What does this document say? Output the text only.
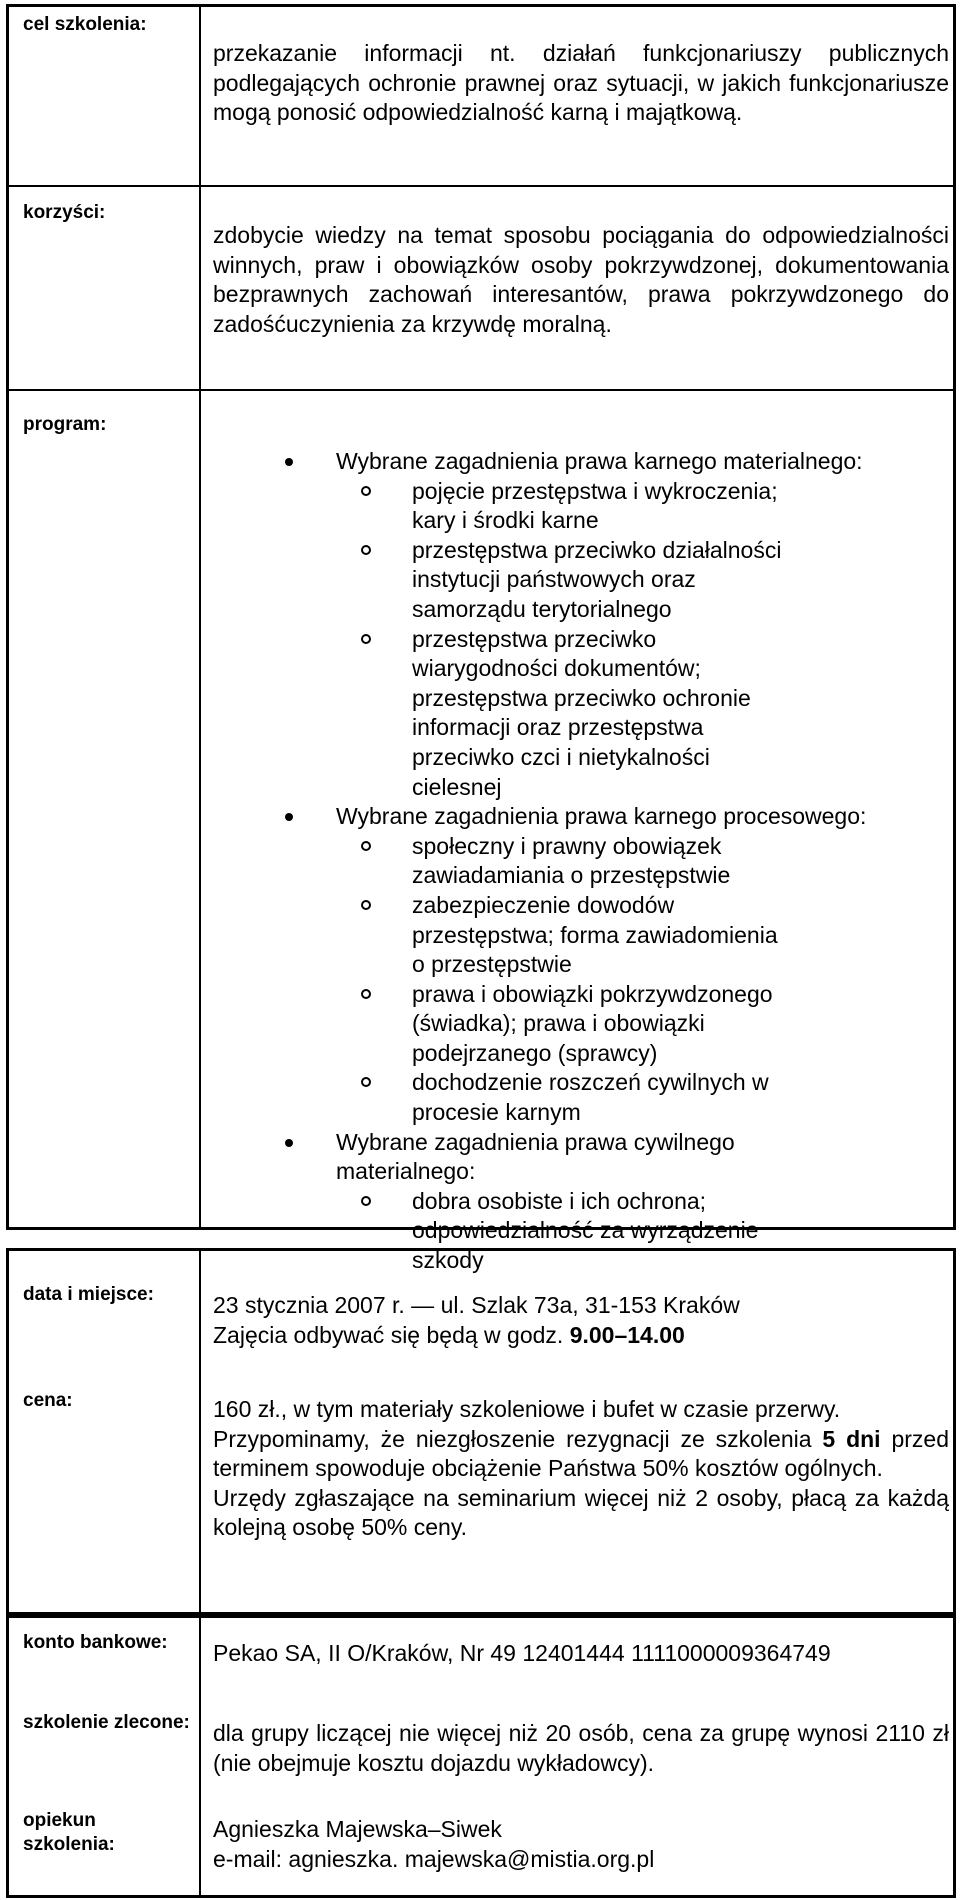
cel szkolenia:
przekazanie informacji nt. działań funkcjonariuszy publicznych podlegających ochronie prawnej oraz sytuacji, w jakich funkcjonariusze mogą ponosić odpowiedzialność karną i majątkową.
korzyści:
zdobycie wiedzy na temat sposobu pociągania do odpowiedzialności winnych, praw i obowiązków osoby pokrzywdzonej, dokumentowania bezprawnych zachowań interesantów, prawa pokrzywdzonego do zadośćuczynienia za krzywdę moralną.
program:
Wybrane zagadnienia prawa karnego materialnego:
pojęcie przestępstwa i wykroczenia; kary i środki karne
przestępstwa przeciwko działalności instytucji państwowych oraz samorządu terytorialnego
przestępstwa przeciwko wiarygodności dokumentów; przestępstwa przeciwko ochronie informacji oraz przestępstwa przeciwko czci i nietykalności cielesnej
Wybrane zagadnienia prawa karnego procesowego:
społeczny i prawny obowiązek zawiadamiania o przestępstwie
zabezpieczenie dowodów przestępstwa; forma zawiadomienia o przestępstwie
prawa i obowiązki pokrzywdzonego (świadka); prawa i obowiązki podejrzanego (sprawcy)
dochodzenie roszczeń cywilnych w procesie karnym
Wybrane zagadnienia prawa cywilnego materialnego:
dobra osobiste i ich ochrona; odpowiedzialność za wyrządzenie szkody
data i miejsce:	23 stycznia 2007 r. — ul. Szlak 73a, 31-153 Kraków
Zajęcia odbywać się będą w godz. 9.00–14.00
cena:	160 zł., w tym materiały szkoleniowe i bufet w czasie przerwy.
Przypominamy, że niezgłoszenie rezygnacji ze szkolenia 5 dni przed terminem spowoduje obciążenie Państwa 50% kosztów ogólnych.
Urzędy zgłaszające na seminarium więcej niż 2 osoby, płacą za każdą kolejną osobę 50% ceny.
konto bankowe:	Pekao SA, II O/Kraków, Nr 49 12401444 1111000009364749
szkolenie zlecone: dla grupy liczącej nie więcej niż 20 osób, cena za grupę wynosi 2110 zł (nie obejmuje kosztu dojazdu wykładowcy).
opiekun szkolenia:
Agnieszka Majewska–Siwek
e-mail: agnieszka. majewska@mistia.org.pl
